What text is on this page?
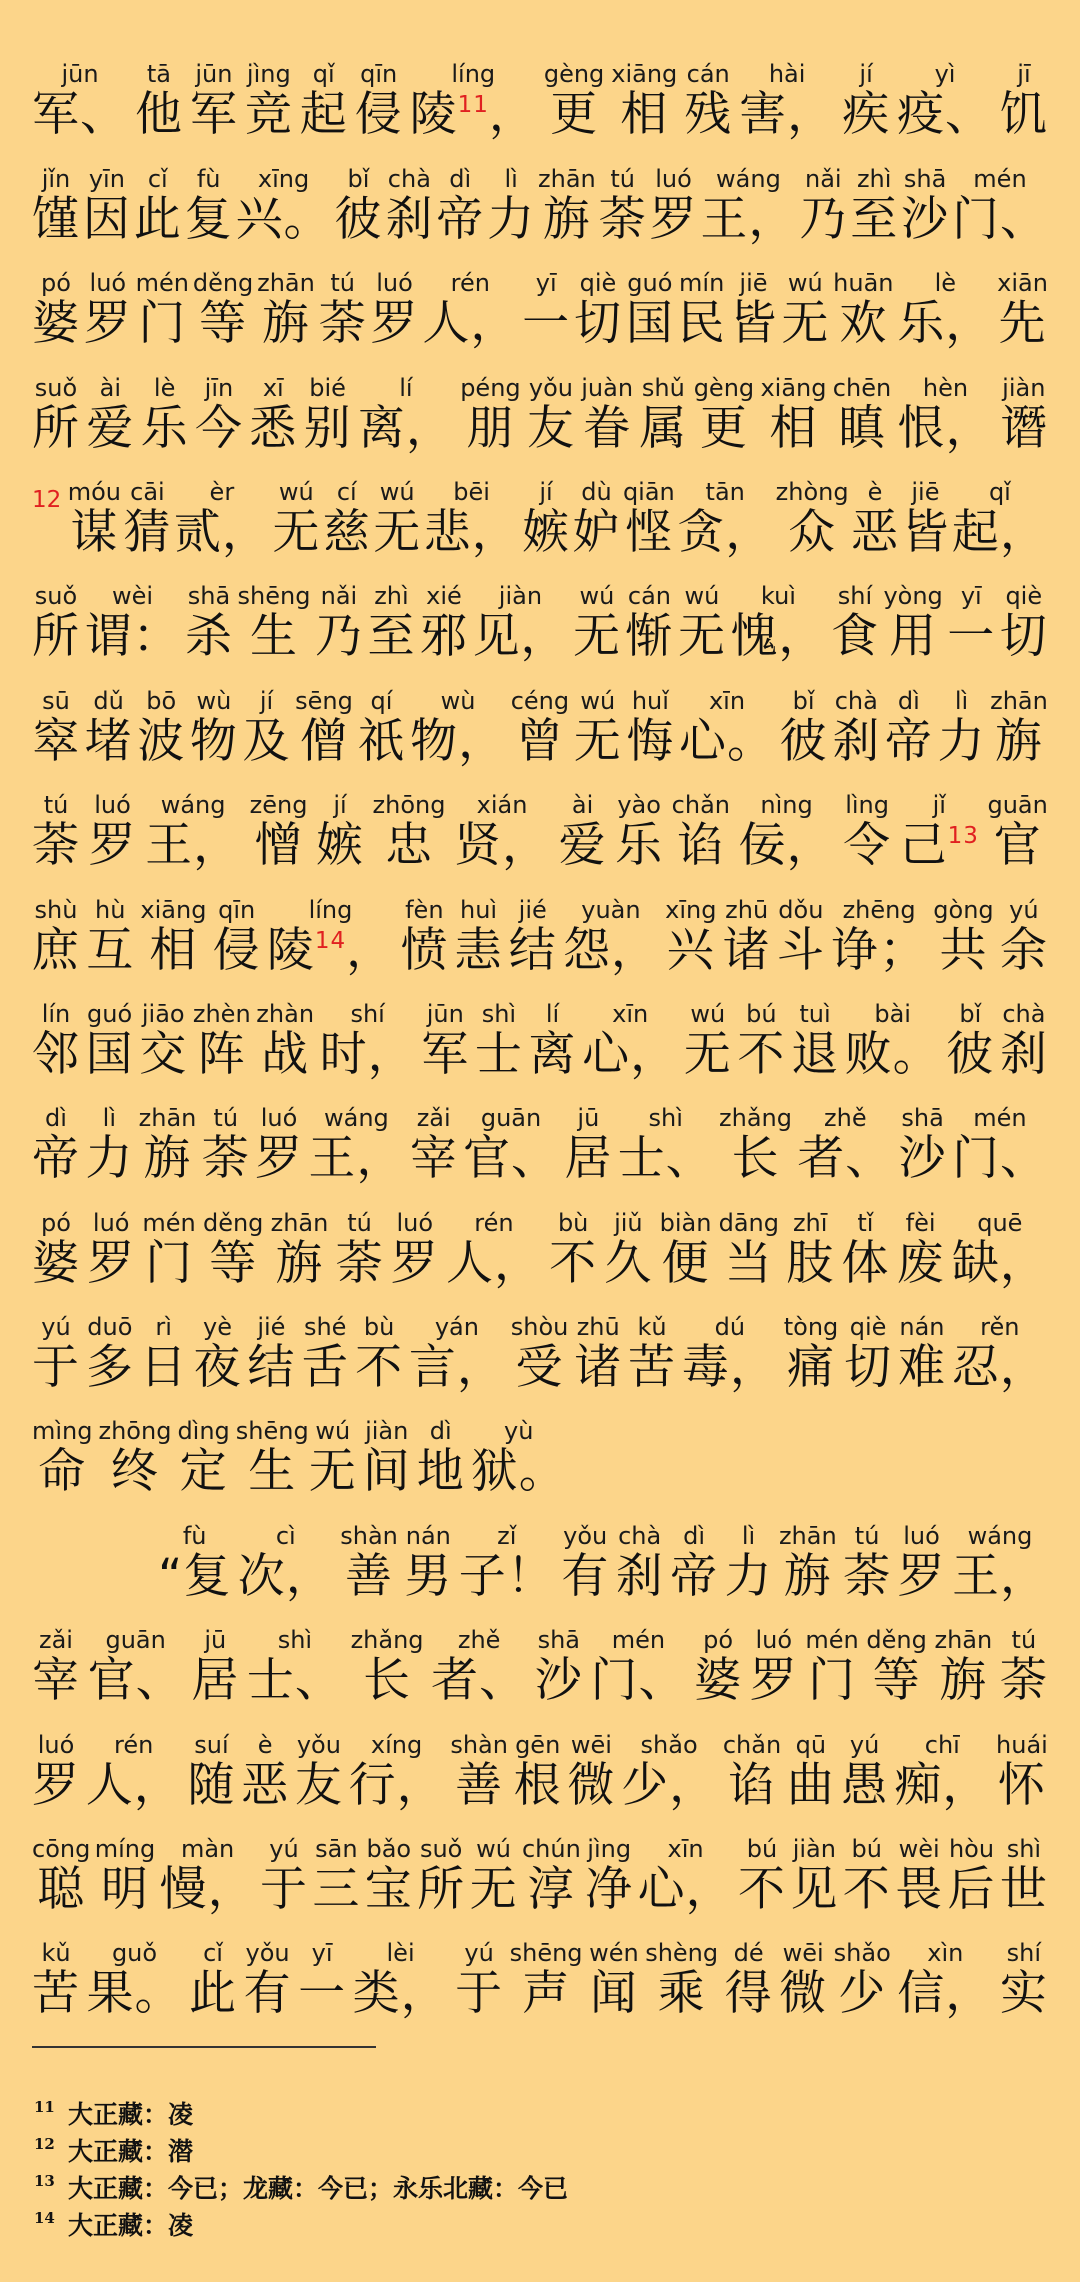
jūn
军、
tā
他
jūn
军
jìng
竞
qǐ
起
qīn
侵
líng
陵$^{11}$，
gèng
更
xiāng
相
cán
残
hài
害，
jí
疾
yì
疫、
jī
饥
jǐn
馑
yīn
因
cǐ
此
fù
复
xīng
兴。
bǐ
彼
chà
刹
dì
帝
lì
力
zhān
旃
tú
荼
luó
罗
wáng
王，
nǎi
乃
zhì
至
shā
沙
mén
门、
pó
婆
luó
罗
mén
门
děng
等
zhān
旃
tú
荼
luó
罗
rén
人，
yī
一
qiè
切
guó
国
mín
民
jiē
皆
wú
无
huān
欢
lè
乐，
xiān
先
suǒ
所
ài
爱
lè
乐
jīn
今
xī
悉
bié
别
lí
离，
péng
朋
yǒu
友
juàn
眷
shǔ
属
gèng
更
xiāng
相
chēn
瞋
hèn
恨，
jiàn
谮
12 móu
谋
cāi
猜
èr
贰，
wú
无
cí
慈
wú
无
bēi
悲，
jí
嫉
dù
妒
qiān
悭
tān
贪，
zhòng
众
è
恶
jiē
皆
qǐ
起，
suǒ
所
wèi
谓：
shā
杀
shēng
生
nǎi
乃
zhì
至
xié
邪
jiàn
见，
wú
无
cán
惭
wú
无
kuì
愧，
shí
食
yòng
用
yī
一
qiè
切
sū
窣
dǔ
堵
bō
波
wù
物
jí
及
sēng
僧
qí
祇
wù
物，
céng
曾
wú
无
huǐ
悔
xīn
心。
bǐ
彼
chà
刹
dì
帝
lì
力
zhān
旃
tú
荼
luó
罗
wáng
王，
zēng
憎
jí
嫉
zhōng
忠
xián
贤，
ài
爱
yào
乐
chǎn
谄
nìng
佞，
lìng
令
jǐ
己$^{13}$
guān
官
shù
庶
hù
互
xiāng
相
qīn
侵
líng
陵$^{14}$，
fèn
愤
huì
恚
jié
结
yuàn
怨，
xīng
兴
zhū
诸
dǒu
斗
zhēng
诤；
gòng
共
yú
余
lín
邻
guó
国
jiāo
交
zhèn
阵
zhàn
战
shí
时，
jūn
军
shì
士
lí
离
xīn
心，
wú
无
bú
不
tuì
退
bài
败。
bǐ
彼
chà
刹
dì
帝
lì
力
zhān
旃
tú
荼
luó
罗
wáng
王，
zǎi
宰
guān
官、
jū
居
shì
士、
zhǎng
长
zhě
者、
shā
沙
mén
门、
pó
婆
luó
罗
mén
门
děng
等
zhān
旃
tú
荼
luó
罗
rén
人，
bù
不
jiǔ
久
biàn
便
dāng
当
zhī
肢
tǐ
体
fèi
废
quē
缺，
yú
于
duō
多
rì
日
yè
夜
jié
结
shé
舌
bù
不
yán
言，
shòu
受
zhū
诸
kǔ
苦
dú
毒，
tòng
痛
qiè
切
nán
难
rěn
忍，
mìng
命
zhōng
终
dìng
定
shēng
生
wú
无
jiàn
间
dì
地
yù
狱。
fù
“复
cì
次，
shàn
善
nán
男
zǐ
子！
yǒu
有
chà
刹
dì
帝
lì
力
zhān
旃
tú
荼
luó
罗
wáng
王，
zǎi
宰
guān
官、
jū
居
shì
士、
zhǎng
长
zhě
者、
shā
沙
mén
门、
pó
婆
luó
罗
mén
门
děng
等
zhān
旃
tú
荼
luó
罗
rén
人，
suí
随
è
恶
yǒu
友
xíng
行，
shàn
善
gēn
根
wēi
微
shǎo
少，
chǎn
谄
qū
曲
yú
愚
chī
痴，
huái
怀
cōng
聪
míng
明
màn
慢，
yú
于
sān
三
bǎo
宝
suǒ
所
wú
无
chún
淳
jìng
净
xīn
心，
bú
不
jiàn
见
bú
不
wèi
畏
hòu
后
shì
世
kǔ
苦
guǒ
果。
cǐ
此
yǒu
有
yī
一
lèi
类，
yú
于
shēng
声
wén
闻
shèng
乘
dé
得
wēi
微
shǎo
少
xìn
信，
shí
实
11 大正藏：凌
12 大正藏：潜
13 大正藏：今已；龙藏：今已；永乐北藏：今已
14 大正藏：凌
